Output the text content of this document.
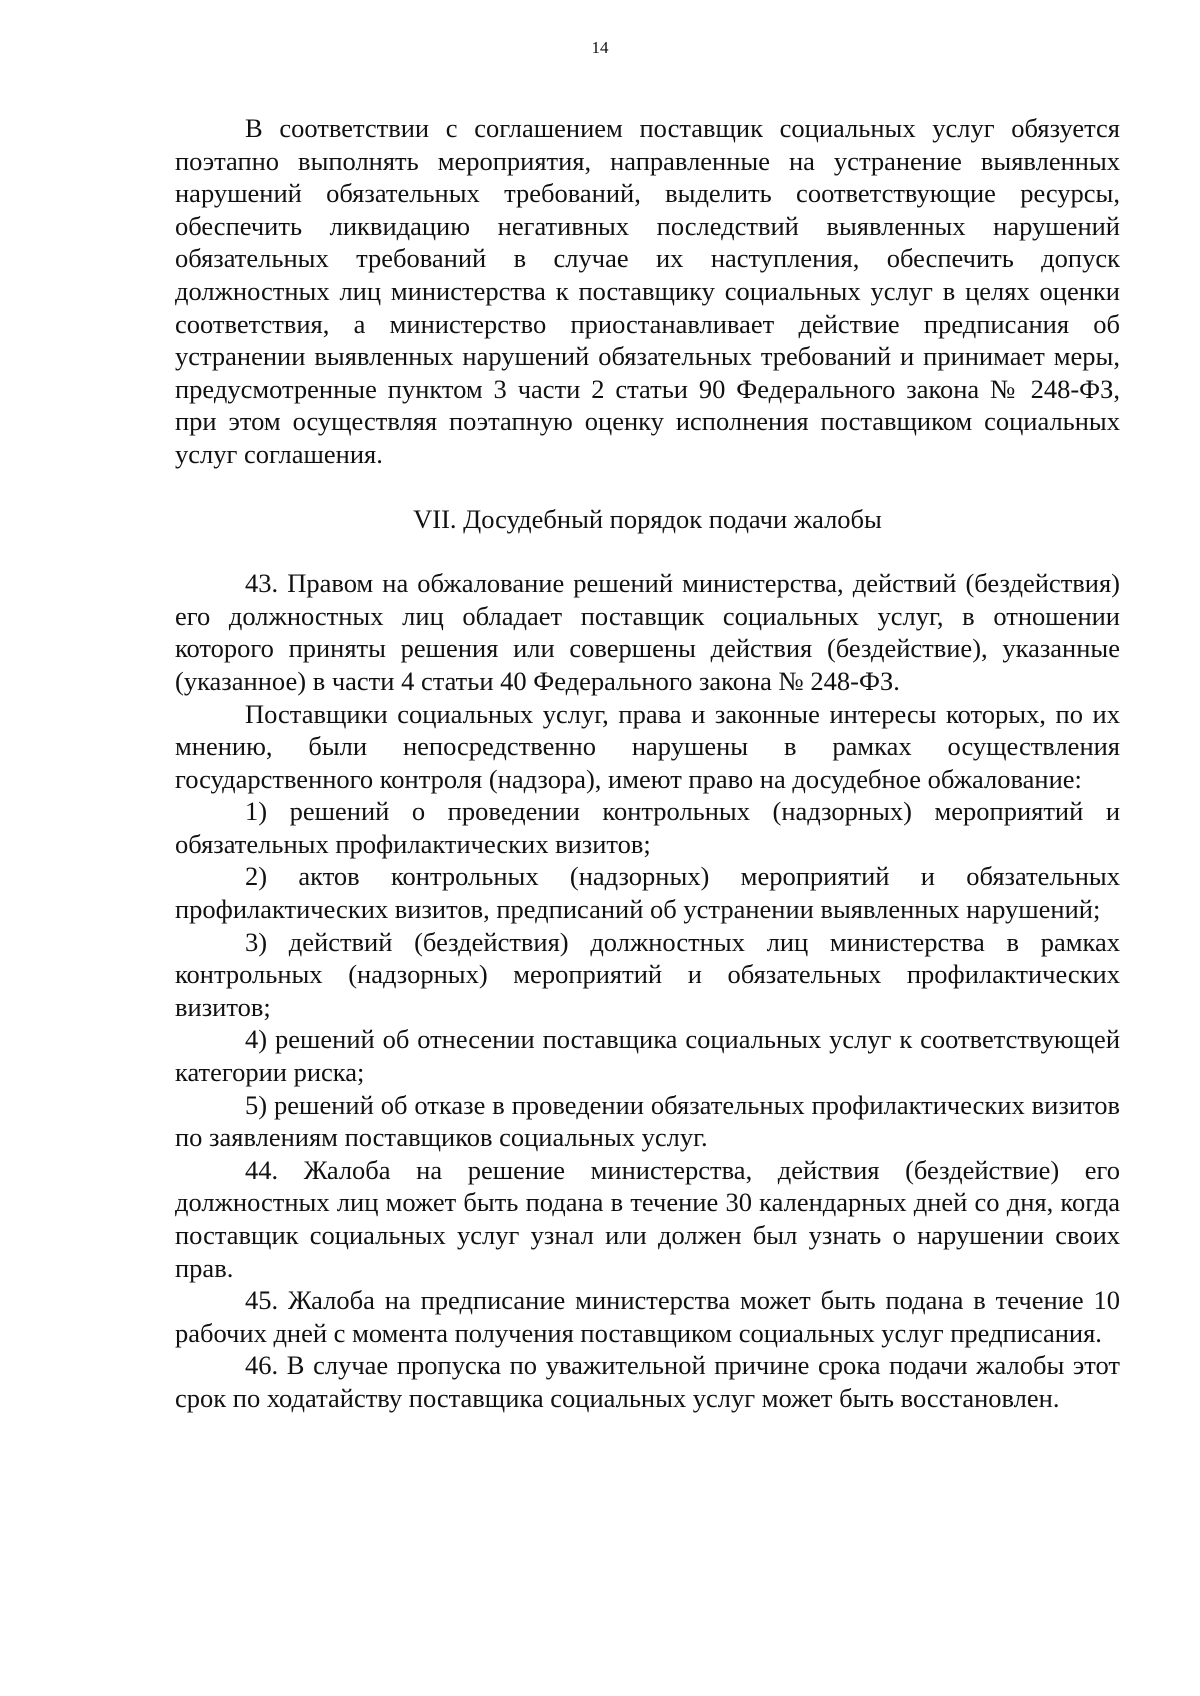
14

В соответствии с соглашением поставщик социальных услуг обязуется поэтапно выполнять мероприятия, направленные на устранение выявленных нарушений обязательных требований, выделить соответствующие ресурсы, обеспечить ликвидацию негативных последствий выявленных нарушений обязательных требований в случае их наступления, обеспечить допуск должностных лиц министерства к поставщику социальных услуг в целях оценки соответствия, а министерство приостанавливает действие предписания об устранении выявленных нарушений обязательных требований и принимает меры, предусмотренные пунктом 3 части 2 статьи 90 Федерального закона № 248-ФЗ, при этом осуществляя поэтапную оценку исполнения поставщиком социальных услуг соглашения.

VII. Досудебный порядок подачи жалобы

43. Правом на обжалование решений министерства, действий (бездействия) его должностных лиц обладает поставщик социальных услуг, в отношении которого приняты решения или совершены действия (бездействие), указанные (указанное) в части 4 статьи 40 Федерального закона № 248-ФЗ.

Поставщики социальных услуг, права и законные интересы которых, по их мнению, были непосредственно нарушены в рамках осуществления государственного контроля (надзора), имеют право на досудебное обжалование:

1) решений о проведении контрольных (надзорных) мероприятий и обязательных профилактических визитов;

2) актов контрольных (надзорных) мероприятий и обязательных профилактических визитов, предписаний об устранении выявленных нарушений;

3) действий (бездействия) должностных лиц министерства в рамках контрольных (надзорных) мероприятий и обязательных профилактических визитов;

4) решений об отнесении поставщика социальных услуг к соответствующей категории риска;

5) решений об отказе в проведении обязательных профилактических визитов по заявлениям поставщиков социальных услуг.

44. Жалоба на решение министерства, действия (бездействие) его должностных лиц может быть подана в течение 30 календарных дней со дня, когда поставщик социальных услуг узнал или должен был узнать о нарушении своих прав.

45. Жалоба на предписание министерства может быть подана в течение 10 рабочих дней с момента получения поставщиком социальных услуг предписания.

46. В случае пропуска по уважительной причине срока подачи жалобы этот срок по ходатайству поставщика социальных услуг может быть восстановлен.
